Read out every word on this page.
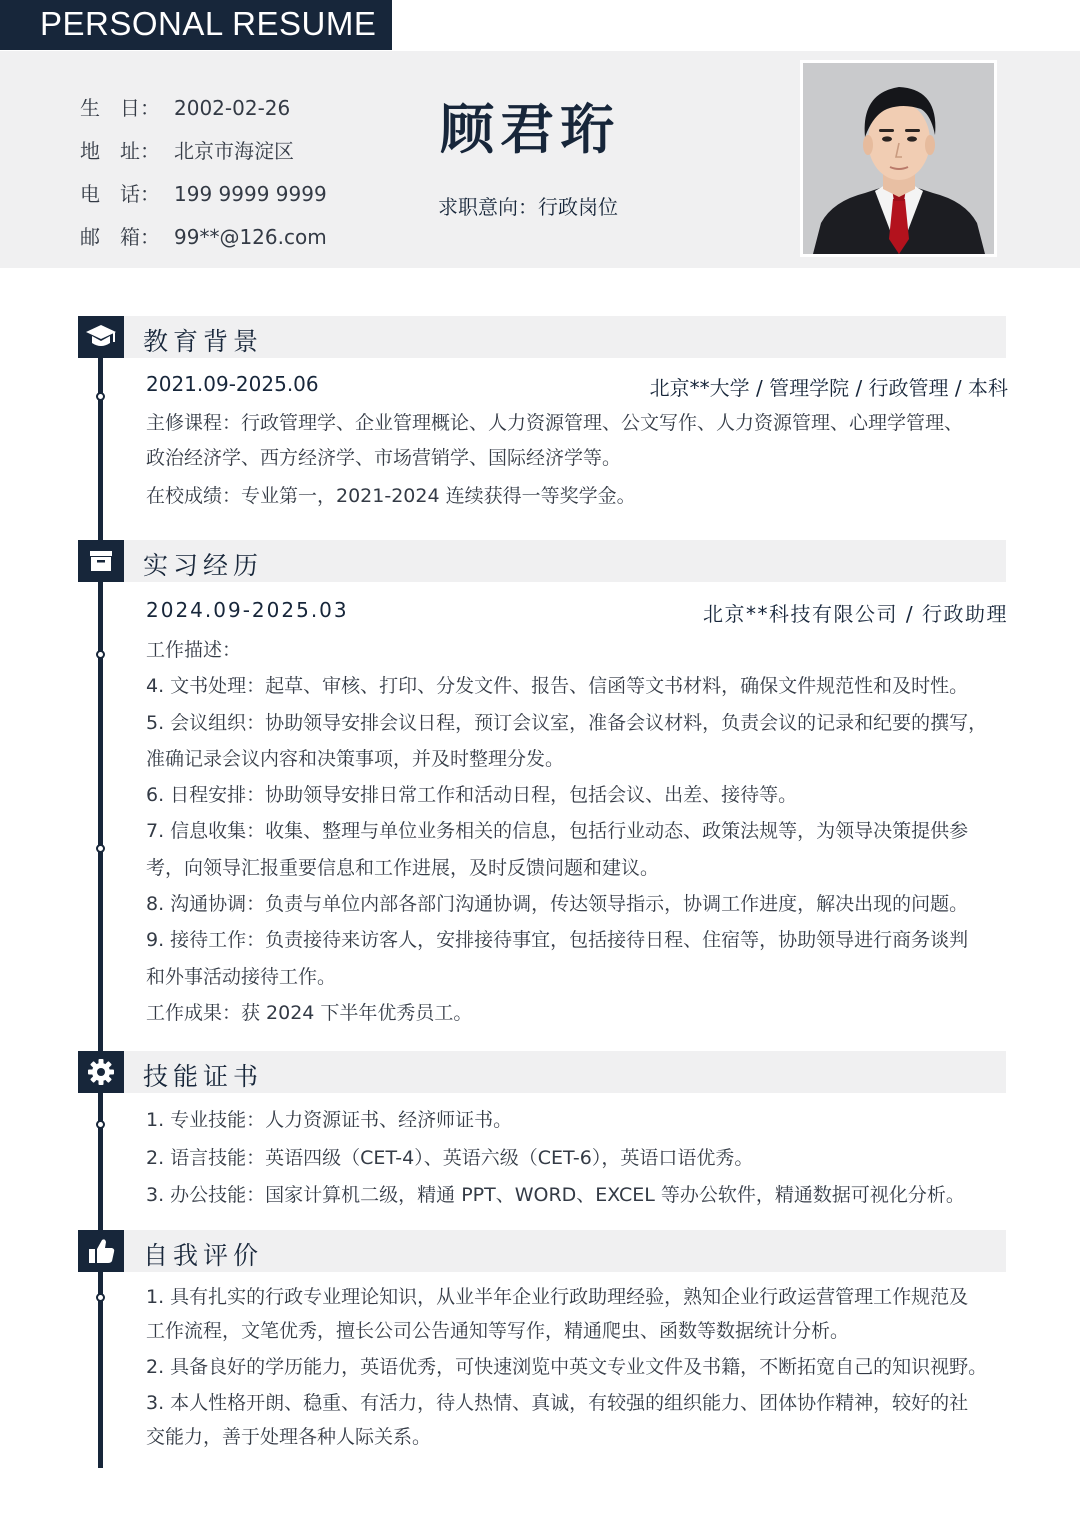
PERSONAL RESUME
生　日： 2002-02-26
地　址： 北京市海淀区
电　话： 199 9999 9999
邮　箱： 99**@126.com
顾君珩
求职意向：行政岗位
教育背景
2021.09-2025.06	北京**大学 / 管理学院 / 行政管理 / 本科
主修课程：行政管理学、企业管理概论、人力资源管理、公文写作、人力资源管理、心理学管理、
政治经济学、西方经济学、市场营销学、国际经济学等。
在校成绩：专业第一，2021-2024 连续获得一等奖学金。
实习经历
2024.09-2025.03	北京**科技有限公司 / 行政助理
工作描述：
4. 文书处理：起草、审核、打印、分发文件、报告、信函等文书材料，确保文件规范性和及时性。
5. 会议组织：协助领导安排会议日程，预订会议室，准备会议材料，负责会议的记录和纪要的撰写，
准确记录会议内容和决策事项，并及时整理分发。
6. 日程安排：协助领导安排日常工作和活动日程，包括会议、出差、接待等。
7. 信息收集：收集、整理与单位业务相关的信息，包括行业动态、政策法规等，为领导决策提供参
考，向领导汇报重要信息和工作进展，及时反馈问题和建议。
8. 沟通协调：负责与单位内部各部门沟通协调，传达领导指示，协调工作进度，解决出现的问题。
9. 接待工作：负责接待来访客人，安排接待事宜，包括接待日程、住宿等，协助领导进行商务谈判
和外事活动接待工作。
工作成果：获 2024 下半年优秀员工。
技能证书
1. 专业技能：人力资源证书、经济师证书。
2. 语言技能：英语四级（CET-4）、英语六级（CET-6），英语口语优秀。
3. 办公技能：国家计算机二级，精通 PPT、WORD、EXCEL 等办公软件，精通数据可视化分析。
自我评价
1. 具有扎实的行政专业理论知识，从业半年企业行政助理经验，熟知企业行政运营管理工作规范及
工作流程，文笔优秀，擅长公司公告通知等写作，精通爬虫、函数等数据统计分析。
2. 具备良好的学历能力，英语优秀，可快速浏览中英文专业文件及书籍，不断拓宽自己的知识视野。
3. 本人性格开朗、稳重、有活力，待人热情、真诚，有较强的组织能力、团体协作精神，较好的社
交能力，善于处理各种人际关系。
